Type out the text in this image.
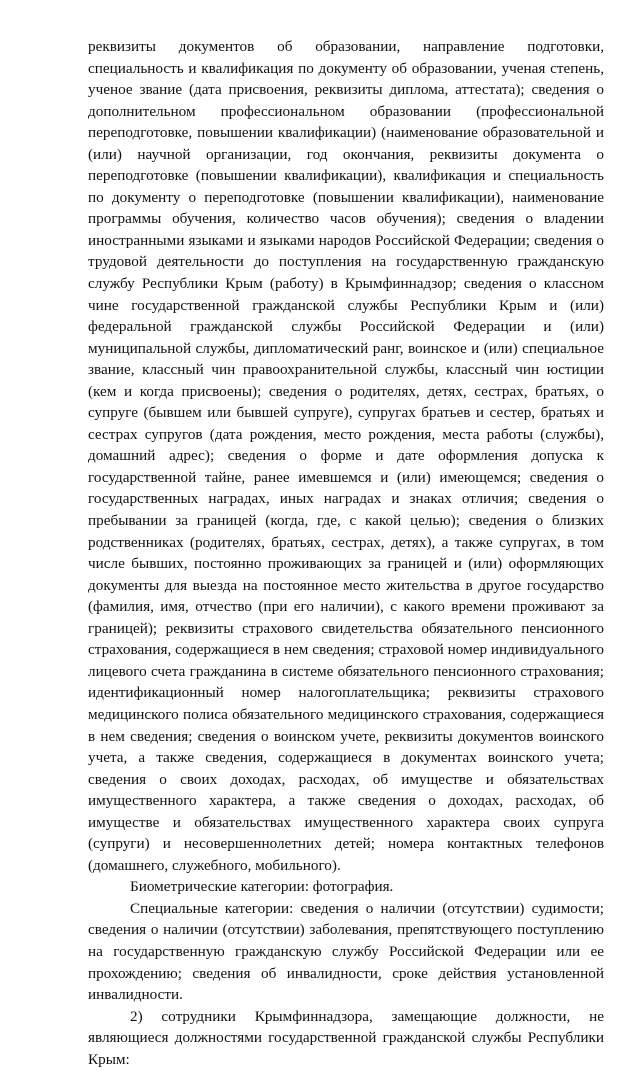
реквизиты документов об образовании, направление подготовки, специальность и квалификация по документу об образовании, ученая степень, ученое звание (дата присвоения, реквизиты диплома, аттестата); сведения о дополнительном профессиональном образовании (профессиональной переподготовке, повышении квалификации) (наименование образовательной и (или) научной организации, год окончания, реквизиты документа о переподготовке (повышении квалификации), квалификация и специальность по документу о переподготовке (повышении квалификации), наименование программы обучения, количество часов обучения); сведения о владении иностранными языками и языками народов Российской Федерации; сведения о трудовой деятельности до поступления на государственную гражданскую службу Республики Крым (работу) в Крымфиннадзор; сведения о классном чине государственной гражданской службы Республики Крым и (или) федеральной гражданской службы Российской Федерации и (или) муниципальной службы, дипломатический ранг, воинское и (или) специальное звание, классный чин правоохранительной службы, классный чин юстиции (кем и когда присвоены); сведения о родителях, детях, сестрах, братьях, о супруге (бывшем или бывшей супруге), супругах братьев и сестер, братьях и сестрах супругов (дата рождения, место рождения, места работы (службы), домашний адрес); сведения о форме и дате оформления допуска к государственной тайне, ранее имевшемся и (или) имеющемся; сведения о государственных наградах, иных наградах и знаках отличия; сведения о пребывании за границей (когда, где, с какой целью); сведения о близких родственниках (родителях, братьях, сестрах, детях), а также супругах, в том числе бывших, постоянно проживающих за границей и (или) оформляющих документы для выезда на постоянное место жительства в другое государство (фамилия, имя, отчество (при его наличии), с какого времени проживают за границей); реквизиты страхового свидетельства обязательного пенсионного страхования, содержащиеся в нем сведения; страховой номер индивидуального лицевого счета гражданина в системе обязательного пенсионного страхования; идентификационный номер налогоплательщика; реквизиты страхового медицинского полиса обязательного медицинского страхования, содержащиеся в нем сведения; сведения о воинском учете, реквизиты документов воинского учета, а также сведения, содержащиеся в документах воинского учета; сведения о своих доходах, расходах, об имуществе и обязательствах имущественного характера, а также сведения о доходах, расходах, об имуществе и обязательствах имущественного характера своих супруга (супруги) и несовершеннолетних детей; номера контактных телефонов (домашнего, служебного, мобильного).

Биометрические категории: фотография.

Специальные категории: сведения о наличии (отсутствии) судимости; сведения о наличии (отсутствии) заболевания, препятствующего поступлению на государственную гражданскую службу Российской Федерации или ее прохождению; сведения об инвалидности, сроке действия установленной инвалидности.

2) сотрудники Крымфиннадзора, замещающие должности, не являющиеся должностями государственной гражданской службы Республики Крым:
